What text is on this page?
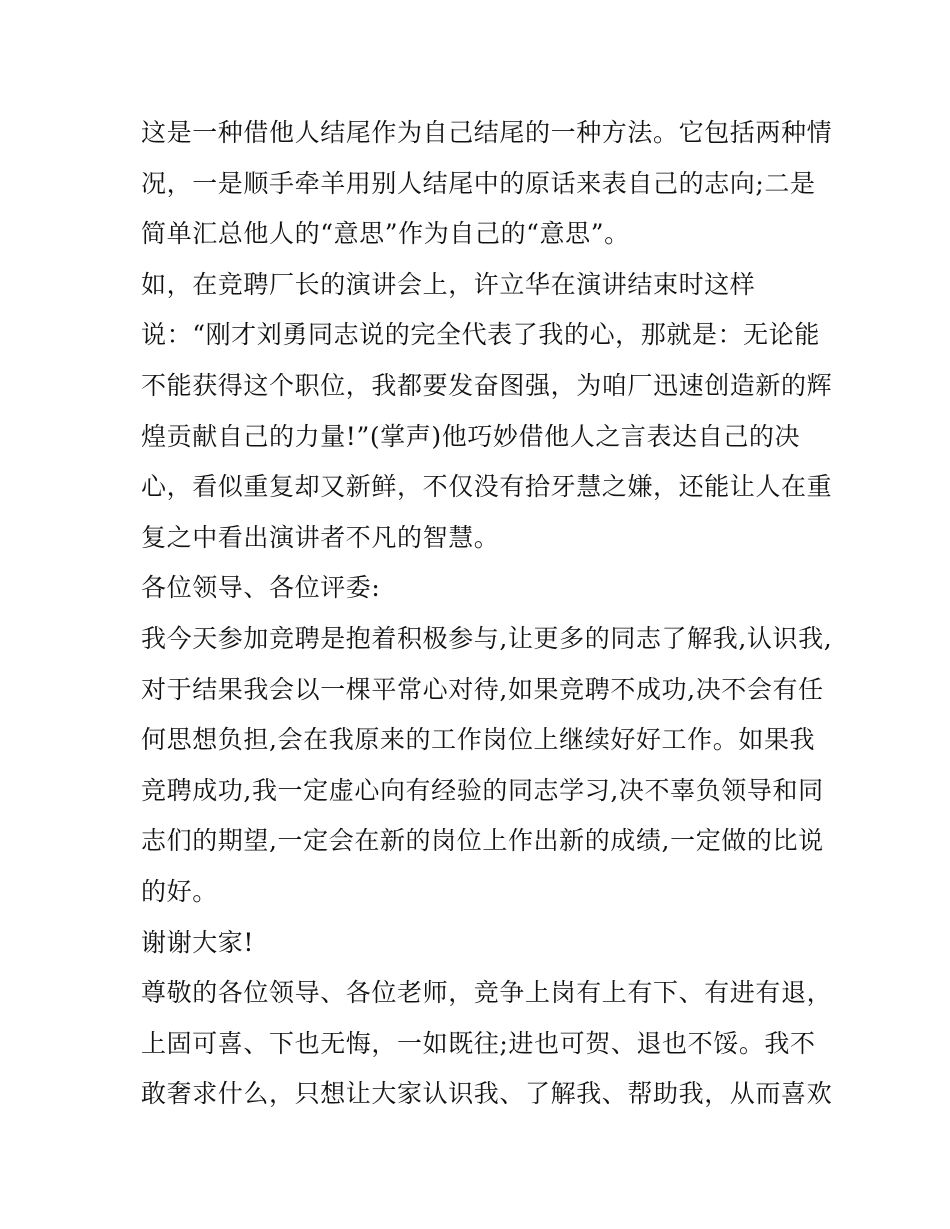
这是一种借他人结尾作为自己结尾的一种方法。它包括两种情
况，一是顺手牵羊用别人结尾中的原话来表自己的志向;二是
简单汇总他人的“意思”作为自己的“意思”。
如，在竞聘厂长的演讲会上，许立华在演讲结束时这样
说：“刚才刘勇同志说的完全代表了我的心，那就是：无论能
不能获得这个职位，我都要发奋图强，为咱厂迅速创造新的辉
煌贡献自己的力量!”(掌声)他巧妙借他人之言表达自己的决
心，看似重复却又新鲜，不仅没有拾牙慧之嫌，还能让人在重
复之中看出演讲者不凡的智慧。
各位领导、各位评委:
我今天参加竞聘是抱着积极参与,让更多的同志了解我,认识我,
对于结果我会以一棵平常心对待,如果竞聘不成功,决不会有任
何思想负担,会在我原来的工作岗位上继续好好工作。如果我
竞聘成功,我一定虚心向有经验的同志学习,决不辜负领导和同
志们的期望,一定会在新的岗位上作出新的成绩,一定做的比说
的好。
谢谢大家!
尊敬的各位领导、各位老师，竞争上岗有上有下、有进有退，
上固可喜、下也无悔，一如既往;进也可贺、退也不馁。我不
敢奢求什么，只想让大家认识我、了解我、帮助我，从而喜欢
